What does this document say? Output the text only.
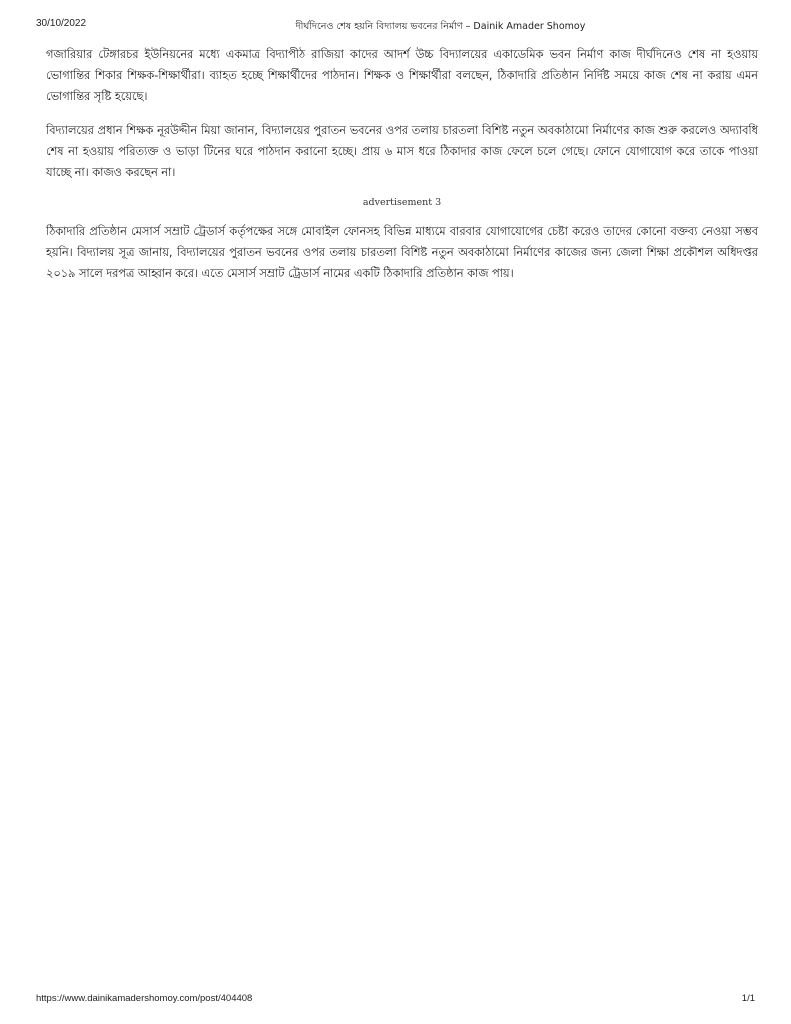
30/10/2022	দীর্ঘদিনেও শেষ হয়নি বিদ্যালয় ভবনের নির্মাণ – Dainik Amader Shomoy

গজারিয়ার টেঙ্গারচর ইউনিয়নের মধ্যে একমাত্র বিদ্যাপীঠ রাজিয়া কাদের আদর্শ উচ্চ বিদ্যালয়ের একাডেমিক ভবন নির্মাণ কাজ দীর্ঘদিনেও শেষ না হওয়ায় ভোগান্তির শিকার শিক্ষক-শিক্ষার্থীরা। ব্যাহত হচ্ছে শিক্ষার্থীদের পাঠদান। শিক্ষক ও শিক্ষার্থীরা বলছেন, ঠিকাদারি প্রতিষ্ঠান নির্দিষ্ট সময়ে কাজ শেষ না করায় এমন ভোগান্তির সৃষ্টি হয়েছে।

বিদ্যালয়ের প্রধান শিক্ষক নূরউদ্দীন মিয়া জানান, বিদ্যালয়ের পুরাতন ভবনের ওপর তলায় চারতলা বিশিষ্ট নতুন অবকাঠামো নির্মাণের কাজ শুরু করলেও অদ্যাবধি শেষ না হওয়ায় পরিত্যক্ত ও ভাড়া টিনের ঘরে পাঠদান করানো হচ্ছে। প্রায় ৬ মাস ধরে ঠিকাদার কাজ ফেলে চলে গেছে। ফোনে যোগাযোগ করে তাকে পাওয়া যাচ্ছে না। কাজও করছেন না।

advertisement 3

ঠিকাদারি প্রতিষ্ঠান মেসার্স সম্রাট ট্রেডার্স কর্তৃপক্ষের সঙ্গে মোবাইল ফোনসহ বিভিন্ন মাধ্যমে বারবার যোগাযোগের চেষ্টা করেও তাদের কোনো বক্তব্য নেওয়া সম্ভব হয়নি। বিদ্যালয় সূত্র জানায়, বিদ্যালয়ের পুরাতন ভবনের ওপর তলায় চারতলা বিশিষ্ট নতুন অবকাঠামো নির্মাণের কাজের জন্য জেলা শিক্ষা প্রকৌশল অধিদপ্তর ২০১৯ সালে দরপত্র আহ্বান করে। এতে মেসার্স সম্রাট ট্রেডার্স নামের একটি ঠিকাদারি প্রতিষ্ঠান কাজ পায়।

https://www.dainikamadershomoy.com/post/404408	1/1
